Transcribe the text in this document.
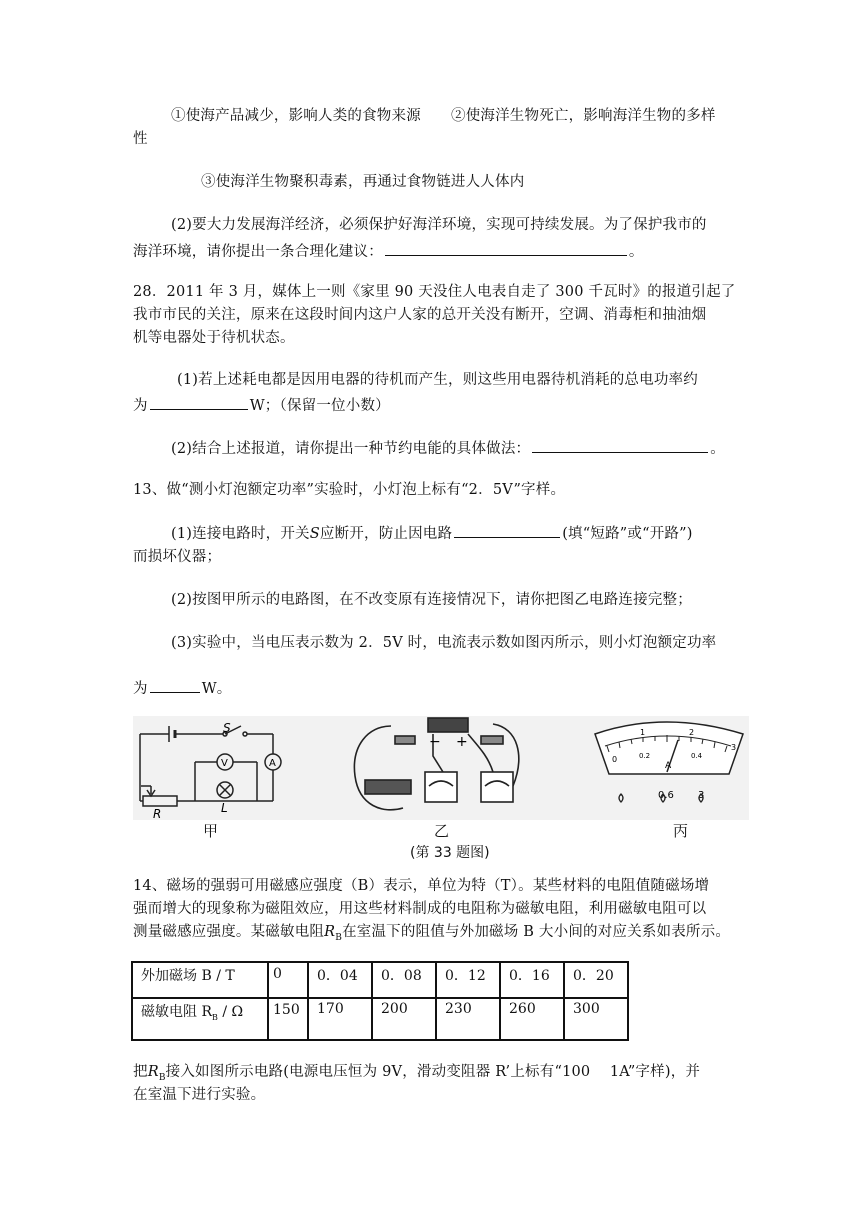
①使海产品减少，影响人类的食物来源 ②使海洋生物死亡，影响海洋生物的多样
性
③使海洋生物聚积毒素，再通过食物链进人人体内
(2)要大力发展海洋经济，必须保护好海洋环境，实现可持续发展。为了保护我市的
海洋环境，请你提出一条合理化建议：	。
28．2011 年 3 月，媒体上一则《家里 90 天没住人电表自走了 300 千瓦时》的报道引起了
我市市民的关注，原来在这段时间内这户人家的总开关没有断开，空调、消毒柜和抽油烟
机等电器处于待机状态。
(1)若上述耗电都是因用电器的待机而产生，则这些用电器待机消耗的总电功率约
为	W；（保留一位小数）
(2)结合上述报道，请你提出一种节约电能的具体做法：	。
13、做“测小灯泡额定功率”实验时，小灯泡上标有“2．5V”字样。
(1)连接电路时，开关S应断开，防止因电路	(填“短路”或“开路”)
而损坏仪器；
(2)按图甲所示的电路图，在不改变原有连接情况下，请你把图乙电路连接完整；
(3)实验中，当电压表示数为 2．5V 时，电流表示数如图丙所示，则小灯泡额定功率
为	W。
S
V	A
R	L
− +
0
1	2
3
0.2	0.4
A
-	0.6 3
甲	乙	丙
(第 33 题图)
14、磁场的强弱可用磁感应强度（B）表示，单位为特（T）。某些材料的电阻值随磁场增
强而增大的现象称为磁阻效应，用这些材料制成的电阻称为磁敏电阻，利用磁敏电阻可以
测量磁感应强度。某磁敏电阻$R_B$在室温下的阻值与外加磁场 B 大小间的对应关系如表所示。
外加磁场 B / T	0	0．04	0．08	0．12	0．16	0．20
磁敏电阻 $R_B$ / Ω	150	170	200	230	260	300
把$R_B$接入如图所示电路(电源电压恒为 9V，滑动变阻器 R’上标有“100　 1A”字样)，并
在室温下进行实验。
